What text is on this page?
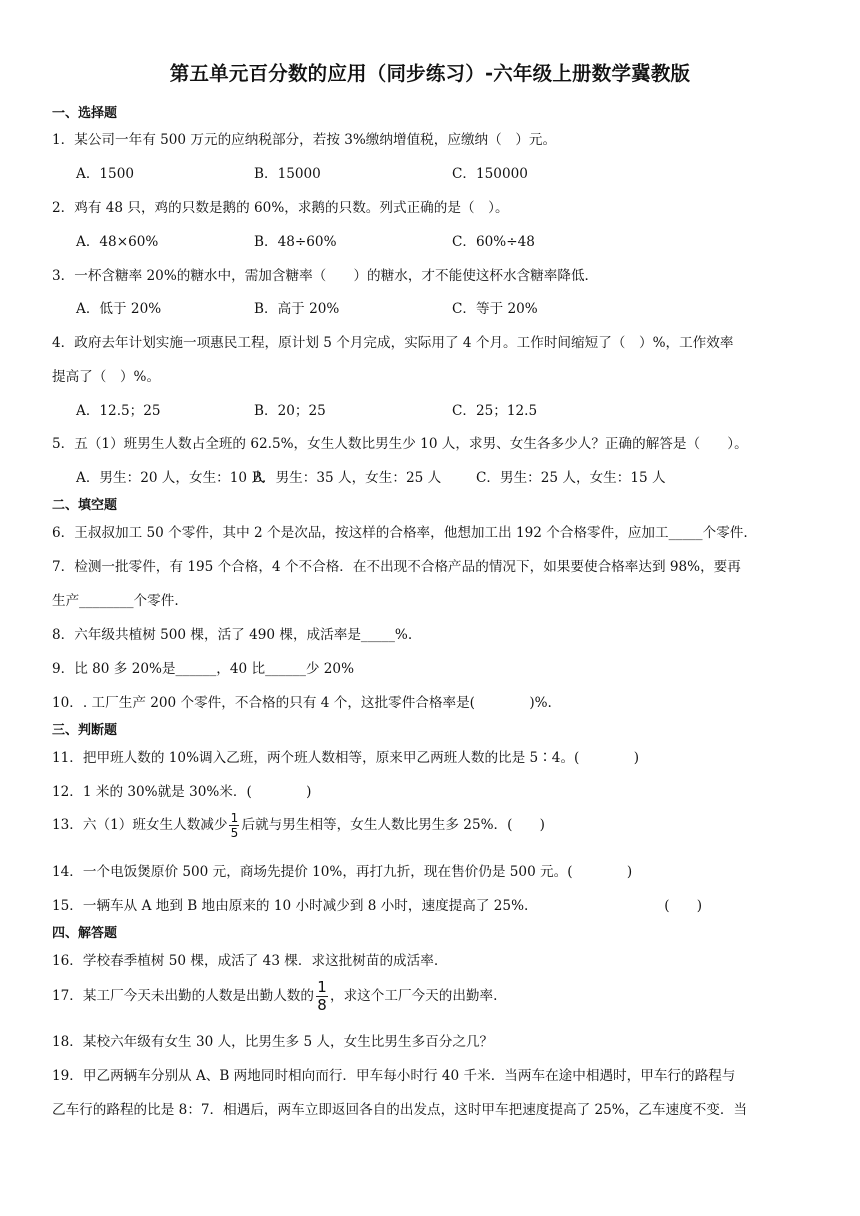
第五单元百分数的应用（同步练习）-六年级上册数学冀教版
一、选择题
1．某公司一年有 500 万元的应纳税部分，若按 3%缴纳增值税，应缴纳（　）元。
A．1500	B．15000	C．150000
2．鸡有 48 只，鸡的只数是鹅的 60%，求鹅的只数。列式正确的是（　）。
A．48×60%	B．48÷60%	C．60%÷48
3．一杯含糖率 20%的糖水中，需加含糖率（　　）的糖水，才不能使这杯水含糖率降低．
A．低于 20%	B．高于 20%	C．等于 20%
4．政府去年计划实施一项惠民工程，原计划 5 个月完成，实际用了 4 个月。工作时间缩短了（　）%，工作效率
提高了（　）%。
A．12.5；25	B．20；25	C．25；12.5
5．五（1）班男生人数占全班的 62.5%，女生人数比男生少 10 人，求男、女生各多少人？正确的解答是（　　）。
A．男生：20 人，女生：10 人
B．男生：35 人，女生：25 人	C．男生：25 人，女生：15 人
二、填空题
6．王叔叔加工 50 个零件，其中 2 个是次品，按这样的合格率，他想加工出 192 个合格零件，应加工_____个零件.
7．检测一批零件，有 195 个合格，4 个不合格．在不出现不合格产品的情况下，如果要使合格率达到 98%，要再
生产________个零件.
8．六年级共植树 500 棵，活了 490 棵，成活率是_____%.
9．比 80 多 20%是______，40 比______少 20%
10．. 工厂生产 200 个零件，不合格的只有 4 个，这批零件合格率是(　　　　)%.
三、判断题
11．把甲班人数的 10%调入乙班，两个班人数相等，原来甲乙两班人数的比是 5∶4。(　　　　)
12．1 米的 30%就是 30%米．(　　　　)
13．六（1）班女生人数减少 $\frac{1}{5}$ 后就与男生相等，女生人数比男生多 25%．(　　)
14．一个电饭煲原价 500 元，商场先提价 10%，再打九折，现在售价仍是 500 元。(　　　　)
15．一辆车从 A 地到 B 地由原来的 10 小时减少到 8 小时，速度提高了 25%.　　　　　　　　　　(　　)
四、解答题
16．学校春季植树 50 棵，成活了 43 棵．求这批树苗的成活率.
17．某工厂今天未出勤的人数是出勤人数的 $\frac{1}{8}$ ，求这个工厂今天的出勤率.
18．某校六年级有女生 30 人，比男生多 5 人，女生比男生多百分之几？
19．甲乙两辆车分别从 A、B 两地同时相向而行．甲车每小时行 40 千米．当两车在途中相遇时，甲车行的路程与
乙车行的路程的比是 8：7．相遇后，两车立即返回各自的出发点，这时甲车把速度提高了 25%，乙车速度不变．当
